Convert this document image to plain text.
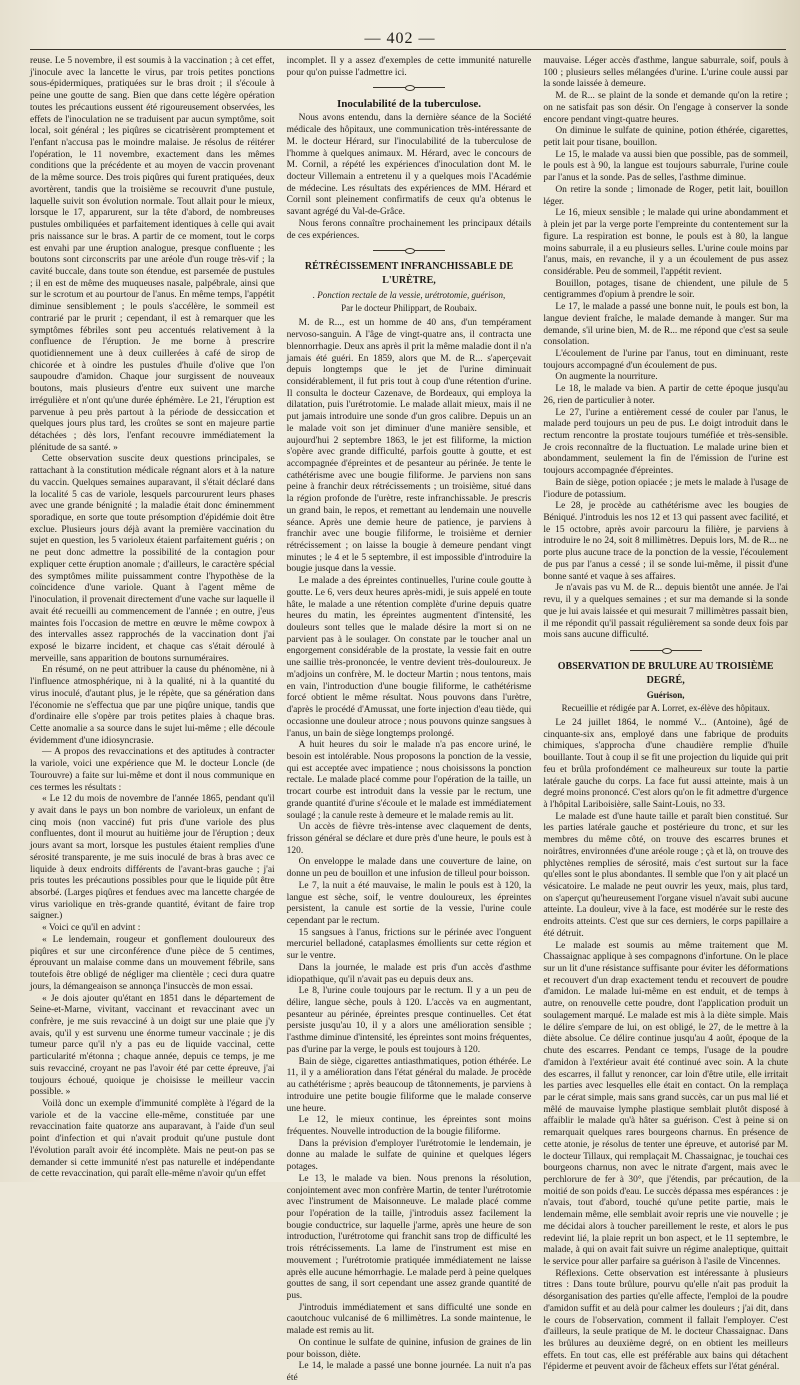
— 402 —

reuse. Le 5 novembre, il est soumis à la vaccination ; à cet effet, j'inocule avec la lancette le virus, par trois petites ponctions sous-épidermiques, pratiquées sur le bras droit ; il s'écoule à peine une goutte de sang. Bien que dans cette légère opération toutes les précautions eussent été rigoureusement observées, les effets de l'inoculation ne se traduisent par aucun symptôme, soit local, soit général ; les piqûres se cicatrisèrent promptement et l'enfant n'accusa pas le moindre malaise. Je résolus de réitérer l'opération, le 11 novembre, exactement dans les mêmes conditions que la précédente et au moyen de vaccin provenant de la même source. Des trois piqûres qui furent pratiquées, deux avortèrent, tandis que la troisième se recouvrit d'une pustule, laquelle suivit son évolution normale. Tout allait pour le mieux, lorsque le 17, apparurent, sur la tête d'abord, de nombreuses pustules ombiliquées et parfaitement identiques à celle qui avait pris naissance sur le bras. A partir de ce moment, tout le corps est envahi par une éruption analogue, presque confluente ; les boutons sont circonscrits par une aréole d'un rouge très-vif ; la cavité buccale, dans toute son étendue, est parsemée de pustules ; il en est de même des muqueuses nasale, palpébrale, ainsi que sur le scrotum et au pourtour de l'anus. En même temps, l'appétit diminue sensiblement ; le pouls s'accélère, le sommeil est contrarié par le prurit ; cependant, il est à remarquer que les symptômes fébriles sont peu accentués relativement à la confluence de l'éruption. Je me borne à prescrire quotidiennement une à deux cuillerées à café de sirop de chicorée et à oindre les pustules d'huile d'olive que l'on saupoudre d'amidon. Chaque jour surgissent de nouveaux boutons, mais plusieurs d'entre eux suivent une marche irrégulière et n'ont qu'une durée éphémère. Le 21, l'éruption est parvenue à peu près partout à la période de dessiccation et quelques jours plus tard, les croûtes se sont en majeure partie détachées ; dès lors, l'enfant recouvre immédiatement la plénitude de sa santé. »

Cette observation suscite deux questions principales, se rattachant à la constitution médicale régnant alors et à la nature du vaccin. Quelques semaines auparavant, il s'était déclaré dans la localité 5 cas de variole, lesquels parcoururent leurs phases avec une grande bénignité ; la maladie était donc éminemment sporadique, en sorte que toute présomption d'épidémie doit être exclue. Plusieurs jours déjà avant la première vaccination du sujet en question, les 5 varioleux étaient parfaitement guéris ; on ne peut donc admettre la possibilité de la contagion pour expliquer cette éruption anomale ; d'ailleurs, le caractère spécial des symptômes milite puissamment contre l'hypothèse de la coïncidence d'une variole. Quant à l'agent même de l'inoculation, il provenait directement d'une vache sur laquelle il avait été recueilli au commencement de l'année ; en outre, j'eus maintes fois l'occasion de mettre en œuvre le même cowpox à des intervalles assez rapprochés de la vaccination dont j'ai exposé le bizarre incident, et chaque cas s'était déroulé à merveille, sans apparition de boutons surnuméraires.

En résumé, on ne peut attribuer la cause du phénomène, ni à l'influence atmosphérique, ni à la qualité, ni à la quantité du virus inoculé, d'autant plus, je le répète, que sa génération dans l'économie ne s'effectua que par une piqûre unique, tandis que d'ordinaire elle s'opère par trois petites plaies à chaque bras. Cette anomalie a sa source dans le sujet lui-même ; elle découle évidemment d'une idiosyncrasie.

— A propos des revaccinations et des aptitudes à contracter la variole, voici une expérience que M. le docteur Loncle (de Tourouvre) a faite sur lui-même et dont il nous communique en ces termes les résultats :

« Le 12 du mois de novembre de l'année 1865, pendant qu'il y avait dans le pays un bon nombre de varioleux, un enfant de cinq mois (non vacciné) fut pris d'une variole des plus confluentes, dont il mourut au huitième jour de l'éruption ; deux jours avant sa mort, lorsque les pustules étaient remplies d'une sérosité transparente, je me suis inoculé de bras à bras avec ce liquide à deux endroits différents de l'avant-bras gauche ; j'ai pris toutes les précautions possibles pour que le liquide pût être absorbé. (Larges piqûres et fendues avec ma lancette chargée de virus variolique en très-grande quantité, évitant de faire trop saigner.)

« Voici ce qu'il en advint :

« Le lendemain, rougeur et gonflement douloureux des piqûres et sur une circonférence d'une pièce de 5 centimes, éprouvant un malaise comme dans un mouvement fébrile, sans toutefois être obligé de négliger ma clientèle ; ceci dura quatre jours, la démangeaison se annonça l'insuccès de mon essai.

« Je dois ajouter qu'étant en 1851 dans le département de Seine-et-Marne, vivitant, vaccinant et revaccinant avec un confrère, je me suis revacciné à un doigt sur une plaie que j'y avais, qu'il y est survenu une énorme tumeur vaccinale ; je dis tumeur parce qu'il n'y a pas eu de liquide vaccinal, cette particularité m'étonna ; chaque année, depuis ce temps, je me suis revacciné, croyant ne pas l'avoir été par cette épreuve, j'ai toujours échoué, quoique je choisisse le meilleur vaccin possible. »

Voilà donc un exemple d'immunité complète à l'égard de la variole et de la vaccine elle-même, constituée par une revaccination faite quatorze ans auparavant, à l'aide d'un seul point d'infection et qui n'avait produit qu'une pustule dont l'évolution paraît avoir été incomplète. Mais ne peut-on pas se demander si cette immunité n'est pas naturelle et indépendante de cette revaccination, qui paraît elle-même n'avoir qu'un effet

incomplet. Il y a assez d'exemples de cette immunité naturelle pour qu'on puisse l'admettre ici.

Inoculabilité de la tuberculose.

Nous avons entendu, dans la dernière séance de la Société médicale des hôpitaux, une communication très-intéressante de M. le docteur Hérard, sur l'inoculabilité de la tuberculose de l'homme à quelques animaux. M. Hérard, avec le concours de M. Cornil, a répété les expériences d'inoculation dont M. le docteur Villemain a entretenu il y a quelques mois l'Académie de médecine. Les résultats des expériences de MM. Hérard et Cornil sont pleinement confirmatifs de ceux qu'a obtenus le savant agrégé du Val-de-Grâce.

Nous ferons connaître prochainement les principaux détails de ces expériences.

RÉTRÉCISSEMENT INFRANCHISSABLE DE L'URÈTRE,
. Ponction rectale de la vessie, urétrotomie, guérison,
Par le docteur Philippart, de Roubaix.

M. de R..., est un homme de 40 ans, d'un tempérament nervoso-sanguin. A l'âge de vingt-quatre ans, il contracta une blennorrhagie. Deux ans après il prit la même maladie dont il n'a jamais été guéri. En 1859, alors que M. de R... s'aperçevait depuis longtemps que le jet de l'urine diminuait considérablement, il fut pris tout à coup d'une rétention d'urine. Il consulta le docteur Cazenave, de Bordeaux, qui employa la dilatation, puis l'urétrotomie. Le malade allait mieux, mais il ne put jamais introduire une sonde d'un gros calibre. Depuis un an le malade voit son jet diminuer d'une manière sensible, et aujourd'hui 2 septembre 1863, le jet est filiforme, la miction s'opère avec grande difficulté, parfois goutte à goutte, et est accompagnée d'épreintes et de pesanteur au périnée. Je tente le cathétérisme avec une bougie filiforme. Je parviens non sans peine à franchir deux rétrécissements ; un troisième, situé dans la région profonde de l'urètre, reste infranchissable. Je prescris un grand bain, le repos, et remettant au lendemain une nouvelle séance. Après une demie heure de patience, je parviens à franchir avec une bougie filiforme, le troisième et dernier rétrécissement ; on laisse la bougie à demeure pendant vingt minutes ; le 4 et le 5 septembre, il est impossible d'introduire la bougie jusque dans la vessie.

Le malade a des épreintes continuelles, l'urine coule goutte à goutte. Le 6, vers deux heures après-midi, je suis appelé en toute hâte, le malade a une rétention complète d'urine depuis quatre heures du matin, les épreintes augmentent d'intensité, les douleurs sont telles que le malade désire la mort si on ne parvient pas à le soulager. On constate par le toucher anal un engorgement considérable de la prostate, la vessie fait en outre une saillie très-prononcée, le ventre devient très-douloureux. Je m'adjoins un confrère, M. le docteur Martin ; nous tentons, mais en vain, l'introduction d'une bougie filiforme, le cathétérisme forcé obtient le même résultat. Nous pouvons dans l'urètre, d'après le procédé d'Amussat, une forte injection d'eau tiède, qui occasionne une douleur atroce ; nous pouvons quinze sangsues à l'anus, un bain de siège longtemps prolongé.

A huit heures du soir le malade n'a pas encore uriné, le besoin est intolérable. Nous proposons la ponction de la vessie, qui est acceptée avec impatience ; nous choisissons la ponction rectale. Le malade placé comme pour l'opération de la taille, un trocart courbe est introduit dans la vessie par le rectum, une grande quantité d'urine s'écoule et le malade est immédiatement soulagé ; la canule reste à demeure et le malade remis au lit.

Un accès de fièvre très-intense avec claquement de dents, frisson général se déclare et dure près d'une heure, le pouls est à 120.

On enveloppe le malade dans une couverture de laine, on donne un peu de bouillon et une infusion de tilleul pour boisson.

Le 7, la nuit a été mauvaise, le malin le pouls est à 120, la langue est sèche, soif, le ventre douloureux, les épreintes persistent, la canule est sortie de la vessie, l'urine coule cependant par le rectum.

15 sangsues à l'anus, frictions sur le périnée avec l'onguent mercuriel belladoné, cataplasmes émollients sur cette région et sur le ventre.

Dans la journée, le malade est pris d'un accès d'asthme idiopathique, qu'il n'avait pas eu depuis deux ans.

Le 8, l'urine coule toujours par le rectum. Il y a un peu de délire, langue sèche, pouls à 120. L'accès va en augmentant, pesanteur au périnée, épreintes presque continuelles. Cet état persiste jusqu'au 10, il y a alors une amélioration sensible ; l'asthme diminue d'intensité, les épreintes sont moins fréquentes, pas d'urine par la verge, le pouls est toujours à 120.

Bain de siège, cigarettes antiasthmatiques, potion éthérée. Le 11, il y a amélioration dans l'état général du malade. Je procède au cathétérisme ; après beaucoup de tâtonnements, je parviens à introduire une petite bougie filiforme que le malade conserve une heure.

Le 12, le mieux continue, les épreintes sont moins fréquentes. Nouvelle introduction de la bougie filiforme.

Dans la prévision d'employer l'urétrotomie le lendemain, je donne au malade le sulfate de quinine et quelques légers potages.

Le 13, le malade va bien. Nous prenons la résolution, conjointement avec mon confrère Martin, de tenter l'urétrotomie avec l'instrument de Maisonneuve. Le malade placé comme pour l'opération de la taille, j'introduis assez facilement la bougie conductrice, sur laquelle j'arme, après une heure de son introduction, l'urétrotome qui franchit sans trop de difficulté les trois rétrécissements. La lame de l'instrument est mise en mouvement ; l'urétrotomie pratiquée immédiatement ne laisse après elle aucune hémorrhagie. Le malade perd à peine quelques gouttes de sang, il sort cependant une assez grande quantité de pus.

J'introduis immédiatement et sans difficulté une sonde en caoutchouc vulcanisé de 6 millimètres. La sonde maintenue, le malade est remis au lit.

On continue le sulfate de quinine, infusion de graines de lin pour boisson, diète.

Le 14, le malade a passé une bonne journée. La nuit n'a pas été

mauvaise. Léger accès d'asthme, langue saburrale, soif, pouls à 100 ; plusieurs selles mélangées d'urine. L'urine coule aussi par la sonde laissée à demeure.

M. de R... se plaint de la sonde et demande qu'on la retire ; on ne satisfait pas son désir. On l'engage à conserver la sonde encore pendant vingt-quatre heures.

On diminue le sulfate de quinine, potion éthérée, cigarettes, petit lait pour tisane, bouillon.

Le 15, le malade va aussi bien que possible, pas de sommeil, le pouls est à 90, la langue est toujours saburrale, l'urine coule par l'anus et la sonde. Pas de selles, l'asthme diminue.

On retire la sonde ; limonade de Roger, petit lait, bouillon léger.

Le 16, mieux sensible ; le malade qui urine abondamment et à plein jet par la verge porte l'empreinte du contentement sur la figure. La respiration est bonne, le pouls est à 80, la langue moins saburrale, il a eu plusieurs selles. L'urine coule moins par l'anus, mais, en revanche, il y a un écoulement de pus assez considérable. Peu de sommeil, l'appétit revient.

Bouillon, potages, tisane de chiendent, une pilule de 5 centigrammes d'opium à prendre le soir.

Le 17, le malade a passé une bonne nuit, le pouls est bon, la langue devient fraîche, le malade demande à manger. Sur ma demande, s'il urine bien, M. de R... me répond que c'est sa seule consolation.

L'écoulement de l'urine par l'anus, tout en diminuant, reste toujours accompagné d'un écoulement de pus.

On augmente la nourriture.

Le 18, le malade va bien. A partir de cette époque jusqu'au 26, rien de particulier à noter.

Le 27, l'urine a entièrement cessé de couler par l'anus, le malade perd toujours un peu de pus. Le doigt introduit dans le rectum rencontre la prostate toujours tuméfiée et très-sensible. Je crois reconnaître de la fluctuation. Le malade urine bien et abondamment, seulement la fin de l'émission de l'urine est toujours accompagnée d'épreintes.

Bain de siège, potion opiacée ; je mets le malade à l'usage de l'iodure de potassium.

Le 28, je procède au cathétérisme avec les bougies de Béniqué. J'introduis les nos 12 et 13 qui passent avec facilité, et le 15 octobre, après avoir parcouru la filière, je parviens à introduire le no 24, soit 8 millimètres. Depuis lors, M. de R... ne porte plus aucune trace de la ponction de la vessie, l'écoulement de pus par l'anus a cessé ; il se sonde lui-même, il pissit d'une bonne santé et vaque à ses affaires.

Je n'avais pas vu M. de R... depuis bientôt une année. Je l'ai revu, il y a quelques semaines ; et sur ma demande si la sonde que je lui avais laissée et qui mesurait 7 millimètres passait bien, il me répondit qu'il passait régulièrement sa sonde deux fois par mois sans aucune difficulté.

OBSERVATION DE BRULURE AU TROISIÈME DEGRÉ,
Guérison,
Recueillie et rédigée par A. Lorret, ex-élève des hôpitaux.

Le 24 juillet 1864, le nommé V... (Antoine), âgé de cinquante-six ans, employé dans une fabrique de produits chimiques, s'approcha d'une chaudière remplie d'huile bouillante. Tout à coup il se fit une projection du liquide qui prit feu et brûla profondément ce malheureux sur toute la partie latérale gauche du corps. La face fut aussi atteinte, mais à un degré moins prononcé. C'est alors qu'on le fit admettre d'urgence à l'hôpital Lariboisière, salle Saint-Louis, no 33.

Le malade est d'une haute taille et paraît bien constitué. Sur les parties latérale gauche et postérieure du tronc, et sur les membres du même côté, on trouve des escarres brunes et noirâtres, environnées d'une aréole rouge ; çà et là, on trouve des phlyctènes remplies de sérosité, mais c'est surtout sur la face qu'elles sont le plus abondantes. Il semble que l'on y ait placé un vésicatoire. Le malade ne peut ouvrir les yeux, mais, plus tard, on s'aperçut qu'heureusement l'organe visuel n'avait subi aucune atteinte. La douleur, vive à la face, est modérée sur le reste des endroits atteints. C'est que sur ces derniers, le corps papillaire a été détruit.

Le malade est soumis au même traitement que M. Chassaignac applique à ses compagnons d'infortune. On le place sur un lit d'une résistance suffisante pour éviter les déformations et recouvert d'un drap exactement tendu et recouvert de poudre d'amidon. Le malade lui-même en est enduit, et de temps à autre, on renouvelle cette poudre, dont l'application produit un soulagement marqué. Le malade est mis à la diète simple. Mais le délire s'empare de lui, on est obligé, le 27, de le mettre à la diète absolue. Ce délire continue jusqu'au 4 août, époque de la chute des escarres. Pendant ce temps, l'usage de la poudre d'amidon à l'extérieur avait été continué avec soin. A la chute des escarres, il fallut y renoncer, car loin d'être utile, elle irritait les parties avec lesquelles elle était en contact. On la remplaça par le cérat simple, mais sans grand succès, car un pus mal lié et mêlé de mauvaise lymphe plastique semblait plutôt disposé à affaiblir le malade qu'à hâter sa guérison. C'est à peine si on remarquait quelques rares bourgeons charnus. En présence de cette atonie, je résolus de tenter une épreuve, et autorisé par M. le docteur Tillaux, qui remplaçait M. Chassaignac, je touchai ces bourgeons charnus, non avec le nitrate d'argent, mais avec le perchlorure de fer à 30°, que j'étendis, par précaution, de la moitié de son poids d'eau. Le succès dépassa mes espérances : je n'avais, tout d'abord, touché qu'une petite partie, mais le lendemain même, elle semblait avoir repris une vie nouvelle ; je me décidai alors à toucher pareillement le reste, et alors le pus redevint lié, la plaie reprit un bon aspect, et le 11 septembre, le malade, à qui on avait fait suivre un régime analeptique, quittait le service pour aller parfaire sa guérison à l'asile de Vincennes.

Réflexions. Cette observation est intéressante à plusieurs titres : Dans toute brûlure, pourvu qu'elle n'ait pas produit la désorganisation des parties qu'elle affecte, l'emploi de la poudre d'amidon suffit et au delà pour calmer les douleurs ; j'ai dit, dans le cours de l'observation, comment il fallait l'employer. C'est d'ailleurs, la seule pratique de M. le docteur Chassaignac. Dans les brûlures au deuxième degré, on en obtient les meilleurs effets. En tout cas, elle est préférable aux bains qui détachent l'épiderme et peuvent avoir de fâcheux effets sur l'état général.
